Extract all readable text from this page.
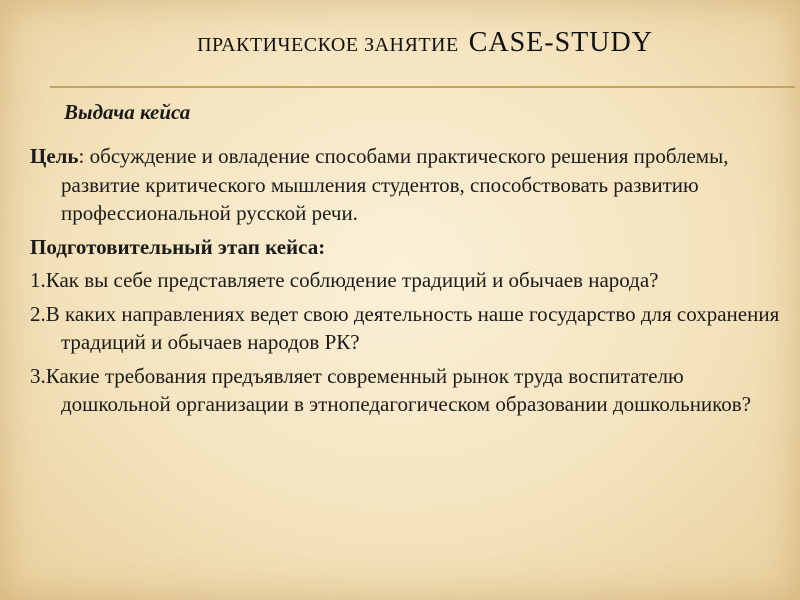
ПРАКТИЧЕСКОЕ ЗАНЯТИЕ CASE-STUDY
Выдача кейса

Цель: обсуждение и овладение способами практического решения проблемы, развитие критического мышления студентов, способствовать развитию профессиональной русской речи.

Подготовительный этап кейса:

1.Как вы себе представляете соблюдение традиций и обычаев народа?

2.В каких направлениях ведет свою деятельность наше государство для сохранения традиций и обычаев народов РК?

3.Какие требования предъявляет современный рынок труда воспитателю дошкольной организации в этнопедагогическом образовании дошкольников?
